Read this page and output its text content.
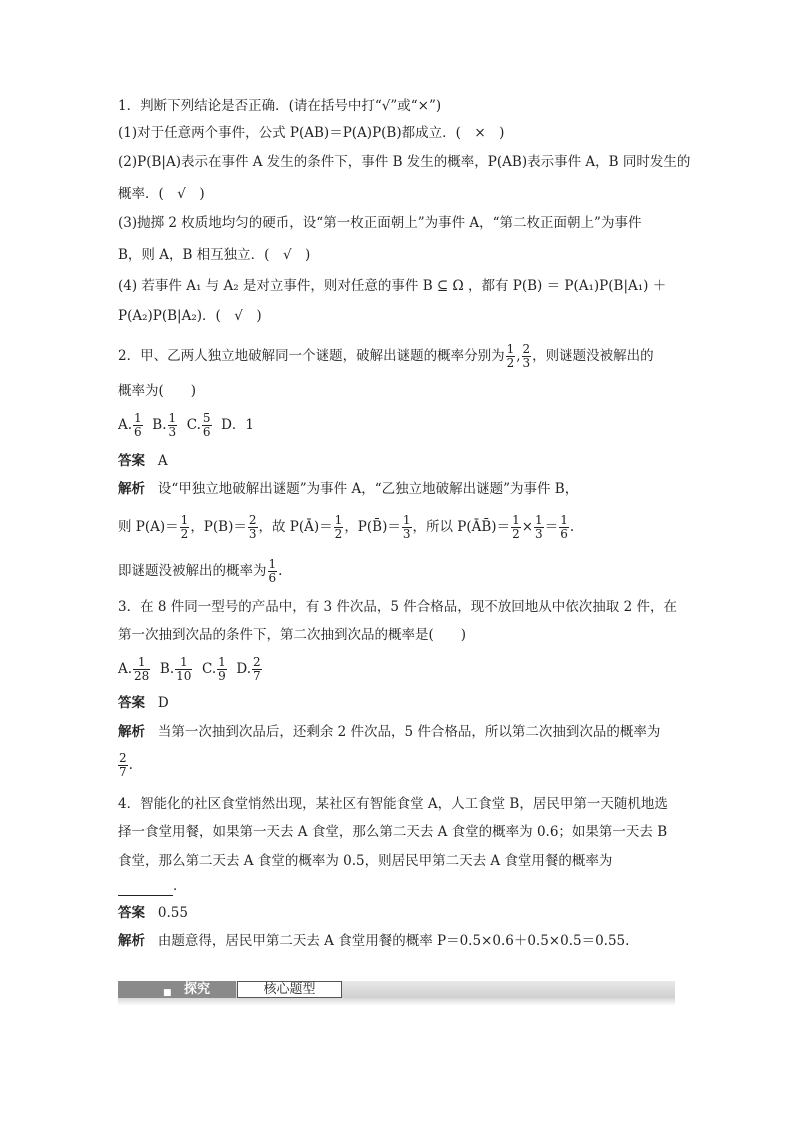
1．判断下列结论是否正确．(请在括号中打“√”或“×”)
(1)对于任意两个事件，公式 P(AB)＝P(A)P(B)都成立．(　×　)
(2)P(B|A)表示在事件 A 发生的条件下，事件 B 发生的概率，P(AB)表示事件 A，B 同时发生的
概率．(　√　)
(3)抛掷 2 枚质地均匀的硬币，设“第一枚正面朝上”为事件 A，“第二枚正面朝上”为事件
B，则 A，B 相互独立．(　√　)
(4) 若事件 A₁ 与 A₂ 是对立事件，则对任意的事件 B ⊆ Ω ，都有 P(B) ＝ P(A₁)P(B|A₁) ＋
P(A₂)P(B|A₂)．(　√　)
2．甲、乙两人独立地破解同一个谜题，破解出谜题的概率分别为 $\frac{1}{2}$ , $\frac{2}{3}$ ，则谜题没被解出的
概率为(　　)
A. $\frac{1}{6} B$. $\frac{1}{3} C$. $\frac{5}{6}$ D．1
答案 A
解析 设“甲独立地破解出谜题”为事件 A，“乙独立地破解出谜题”为事件 B，
则 $P(A)= \frac{1}{2}$ ，$P(B)= \frac{2}{3}$ ，故 P(Ā)＝ $\frac{1}{2}$ ，P(B̄)＝ $\frac{1}{3}$ ，所以 P(ĀB̄)＝ $\frac{1}{2} \times \frac{1}{3} = \frac{1}{6}$ .
即谜题没被解出的概率为 $\frac{1}{6}$ .
3．在 8 件同一型号的产品中，有 3 件次品，5 件合格品，现不放回地从中依次抽取 2 件，在
第一次抽到次品的条件下，第二次抽到次品的概率是(　　)
A. $\frac{1}{28} B$. $\frac{1}{10} C$. $\frac{1}{9} D$. $\frac{2}{7}$
答案 D
解析 当第一次抽到次品后，还剩余 2 件次品，5 件合格品，所以第二次抽到次品的概率为
$\frac{2}{7}$ .
4．智能化的社区食堂悄然出现，某社区有智能食堂 A，人工食堂 B，居民甲第一天随机地选
择一食堂用餐，如果第一天去 A 食堂，那么第二天去 A 食堂的概率为 0.6；如果第一天去 B
食堂，那么第二天去 A 食堂的概率为 0.5，则居民甲第二天去 A 食堂用餐的概率为
．
答案 0.55
解析 由题意得，居民甲第二天去 A 食堂用餐的概率 P＝0.5×0.6＋0.5×0.5＝0.55.
■ 探究	核心题型
